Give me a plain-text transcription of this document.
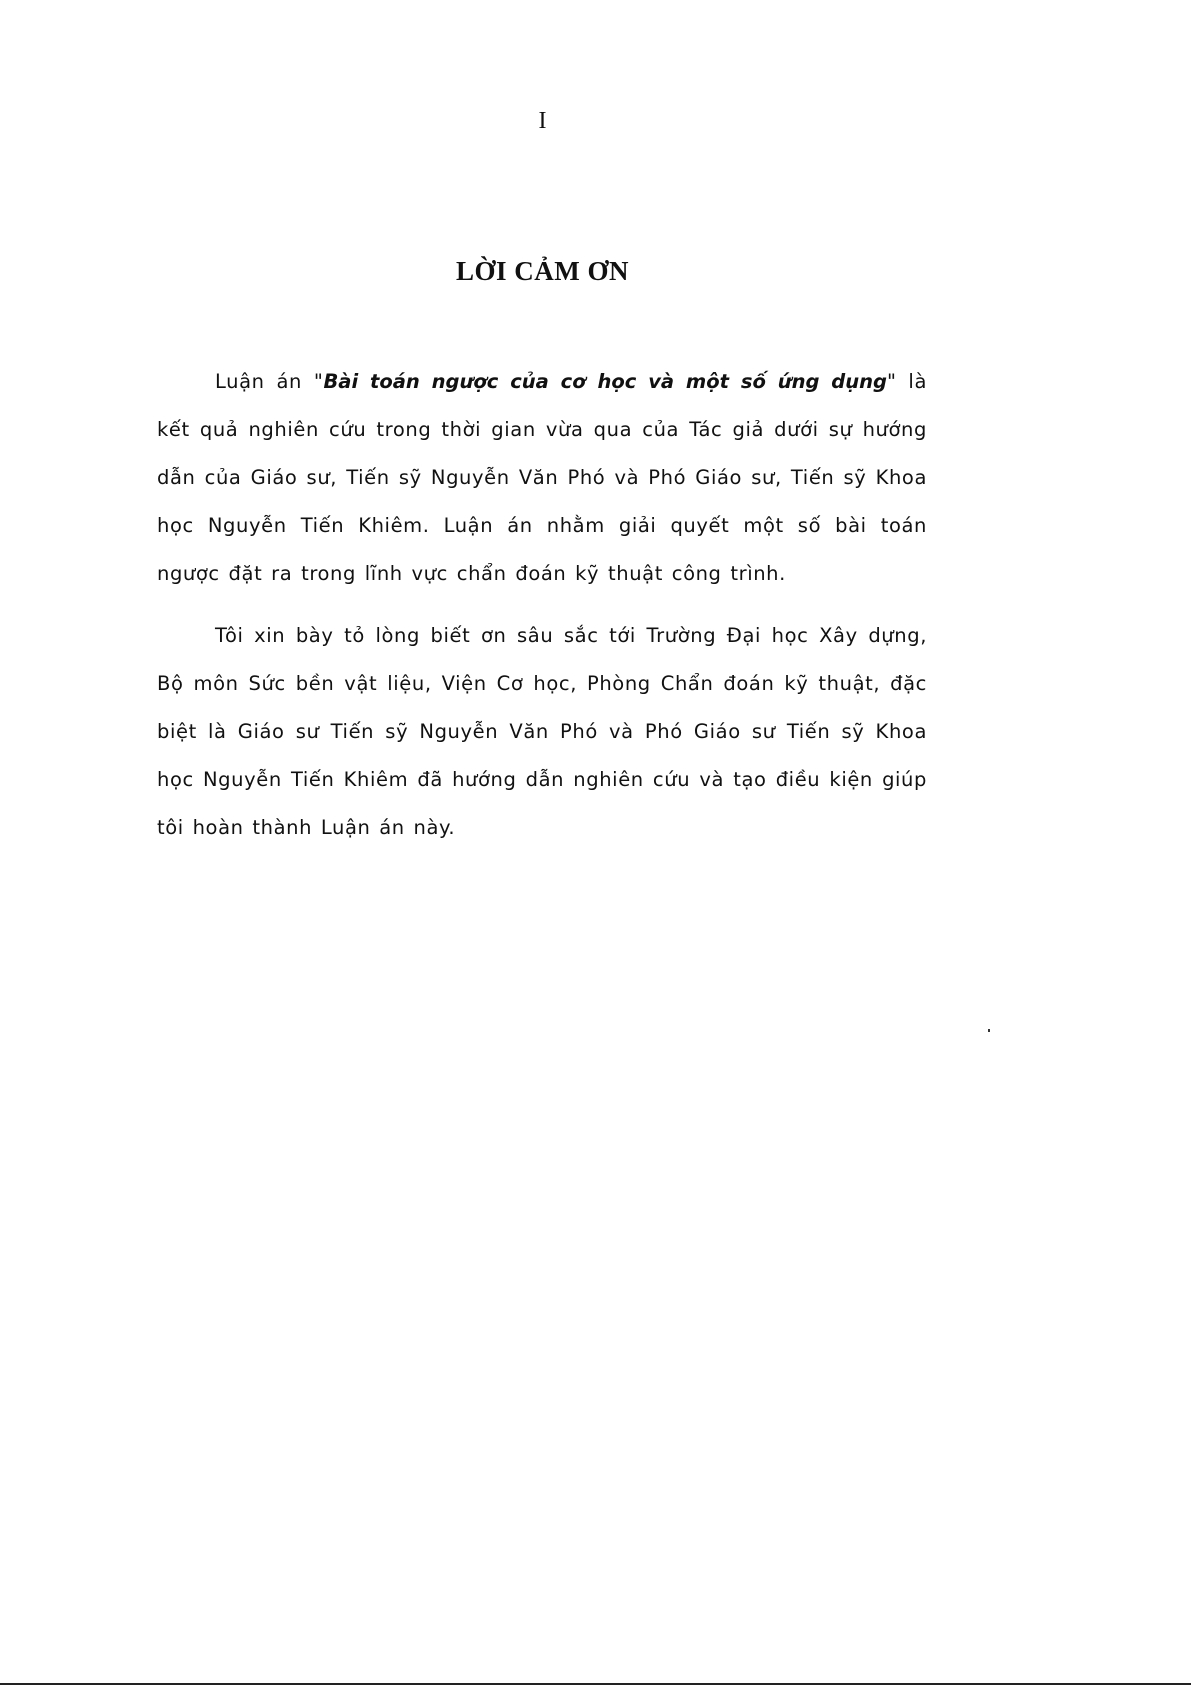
I
LỜI CẢM ƠN

Luận án "Bài toán ngược của cơ học và một số ứng dụng" là kết quả nghiên cứu trong thời gian vừa qua của Tác giả dưới sự hướng dẫn của Giáo sư, Tiến sỹ Nguyễn Văn Phó và Phó Giáo sư, Tiến sỹ Khoa học Nguyễn Tiến Khiêm. Luận án nhằm giải quyết một số bài toán ngược đặt ra trong lĩnh vực chẩn đoán kỹ thuật công trình.

Tôi xin bày tỏ lòng biết ơn sâu sắc tới Trường Đại học Xây dựng, Bộ môn Sức bền vật liệu, Viện Cơ học, Phòng Chẩn đoán kỹ thuật, đặc biệt là Giáo sư Tiến sỹ Nguyễn Văn Phó và Phó Giáo sư Tiến sỹ Khoa học Nguyễn Tiến Khiêm đã hướng dẫn nghiên cứu và tạo điều kiện giúp tôi hoàn thành Luận án này.
